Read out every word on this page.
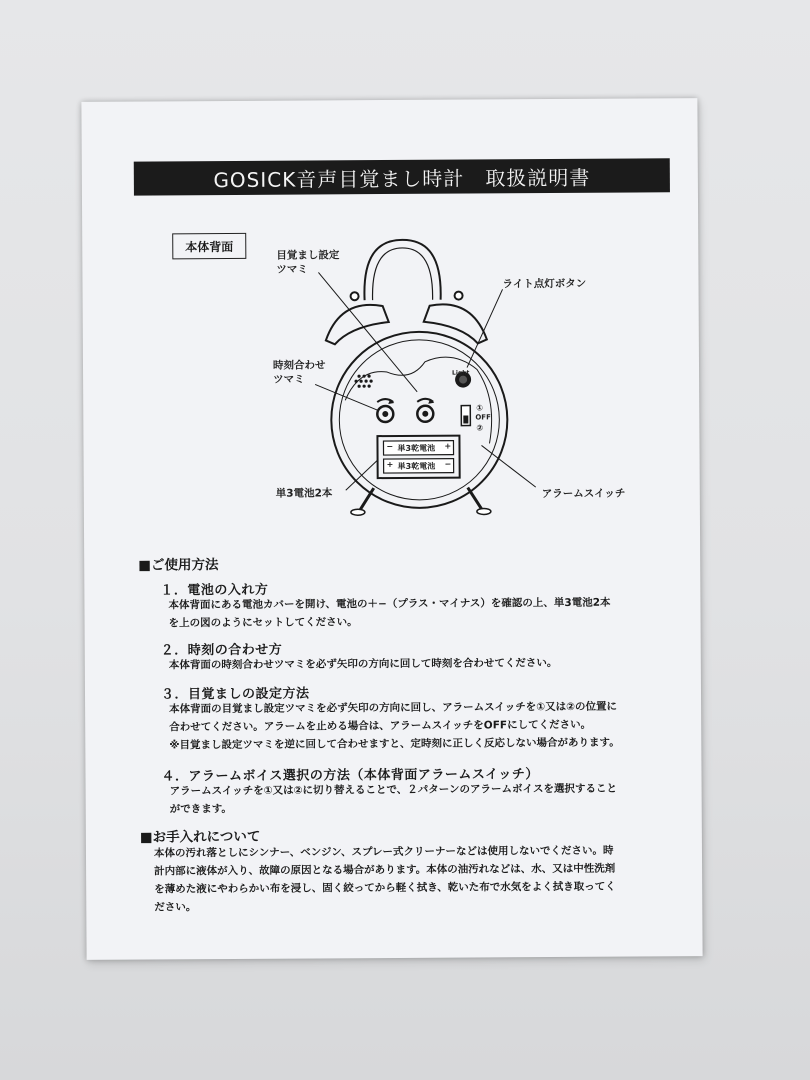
GOSICK音声目覚まし時計　取扱説明書
本体背面
目覚まし設定
ツマミ
ライト点灯ボタン
時刻合わせ
ツマミ
アラームスイッチ
単3電池2本
Light
①
OFF
②
− 単3乾電池 +
+ 単3乾電池 −
■ご使用方法
１．電池の入れ方
本体背面にある電池カバーを開け、電池の＋−（プラス・マイナス）を確認の上、単3電池2本
を上の図のようにセットしてください。
２．時刻の合わせ方
本体背面の時刻合わせツマミを必ず矢印の方向に回して時刻を合わせてください。
３．目覚ましの設定方法
本体背面の目覚まし設定ツマミを必ず矢印の方向に回し、アラームスイッチを①又は②の位置に
合わせてください。アラームを止める場合は、アラームスイッチをOFFにしてください。
※目覚まし設定ツマミを逆に回して合わせますと、定時刻に正しく反応しない場合があります。
４．アラームボイス選択の方法（本体背面アラームスイッチ）
アラームスイッチを①又は②に切り替えることで、２パターンのアラームボイスを選択すること
ができます。
■お手入れについて
本体の汚れ落としにシンナー、ベンジン、スプレー式クリーナーなどは使用しないでください。時
計内部に液体が入り、故障の原因となる場合があります。本体の油汚れなどは、水、又は中性洗剤
を薄めた液にやわらかい布を浸し、固く絞ってから軽く拭き、乾いた布で水気をよく拭き取ってく
ださい。
